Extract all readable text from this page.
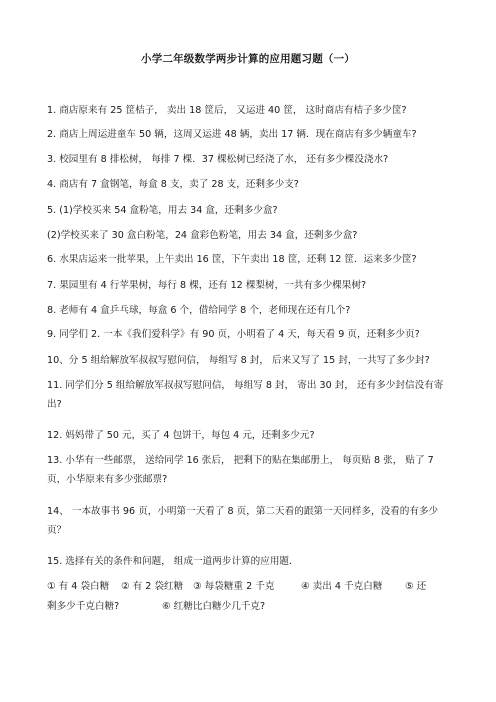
小学二年级数学两步计算的应用题习题（一）
1. 商店原来有 25 筐桔子， 卖出 18 筐后， 又运进 40 筐， 这时商店有桔子多少筐?
2. 商店上周运进童车 50 辆，这周又运进 48 辆，卖出 17 辆．现在商店有多少辆童车?
3. 校园里有 8 排松树， 每排 7 棵．37 棵松树已经浇了水， 还有多少棵没浇水?
4. 商店有 7 盒钢笔，每盒 8 支，卖了 28 支，还剩多少支?
5. (1)学校买来 54 盒粉笔，用去 34 盒，还剩多少盒?
(2)学校买来了 30 盒白粉笔，24 盒彩色粉笔，用去 34 盒，还剩多少盒?
6. 水果店运来一批苹果，上午卖出 16 筐，下午卖出 18 筐，还剩 12 筐．运来多少筐?
7. 果园里有 4 行苹果树，每行 8 棵，还有 12 棵梨树，一共有多少棵果树?
8. 老师有 4 盒乒乓球，每盒 6 个，借给同学 8 个，老师现在还有几个?
9. 同学们 2. 一本《我们爱科学》有 90 页，小明看了 4 天，每天看 9 页，还剩多少页?
10、分 5 组给解放军叔叔写慰问信， 每组写 8 封， 后来又写了 15 封，一共写了多少封?
11. 同学们分 5 组给解放军叔叔写慰问信， 每组写 8 封， 寄出 30 封， 还有多少封信没有寄出?
12. 妈妈带了 50 元，买了 4 包饼干，每包 4 元，还剩多少元?
13. 小华有一些邮票， 送给同学 16 张后， 把剩下的贴在集邮册上， 每页贴 8 张， 贴了 7 页，小华原来有多少张邮票?
14、 一本故事书 96 页，小明第一天看了 8 页，第二天看的跟第一天同样多，没看的有多少页？
15. 选择有关的条件和问题， 组成一道两步计算的应用题．
① 有 4 袋白糖 ② 有 2 袋红糖 ③ 每袋糖重 2 千克	④ 卖出 4 千克白糖 ⑤ 还
剩多少千克白糖?	⑥ 红糖比白糖少几千克?
